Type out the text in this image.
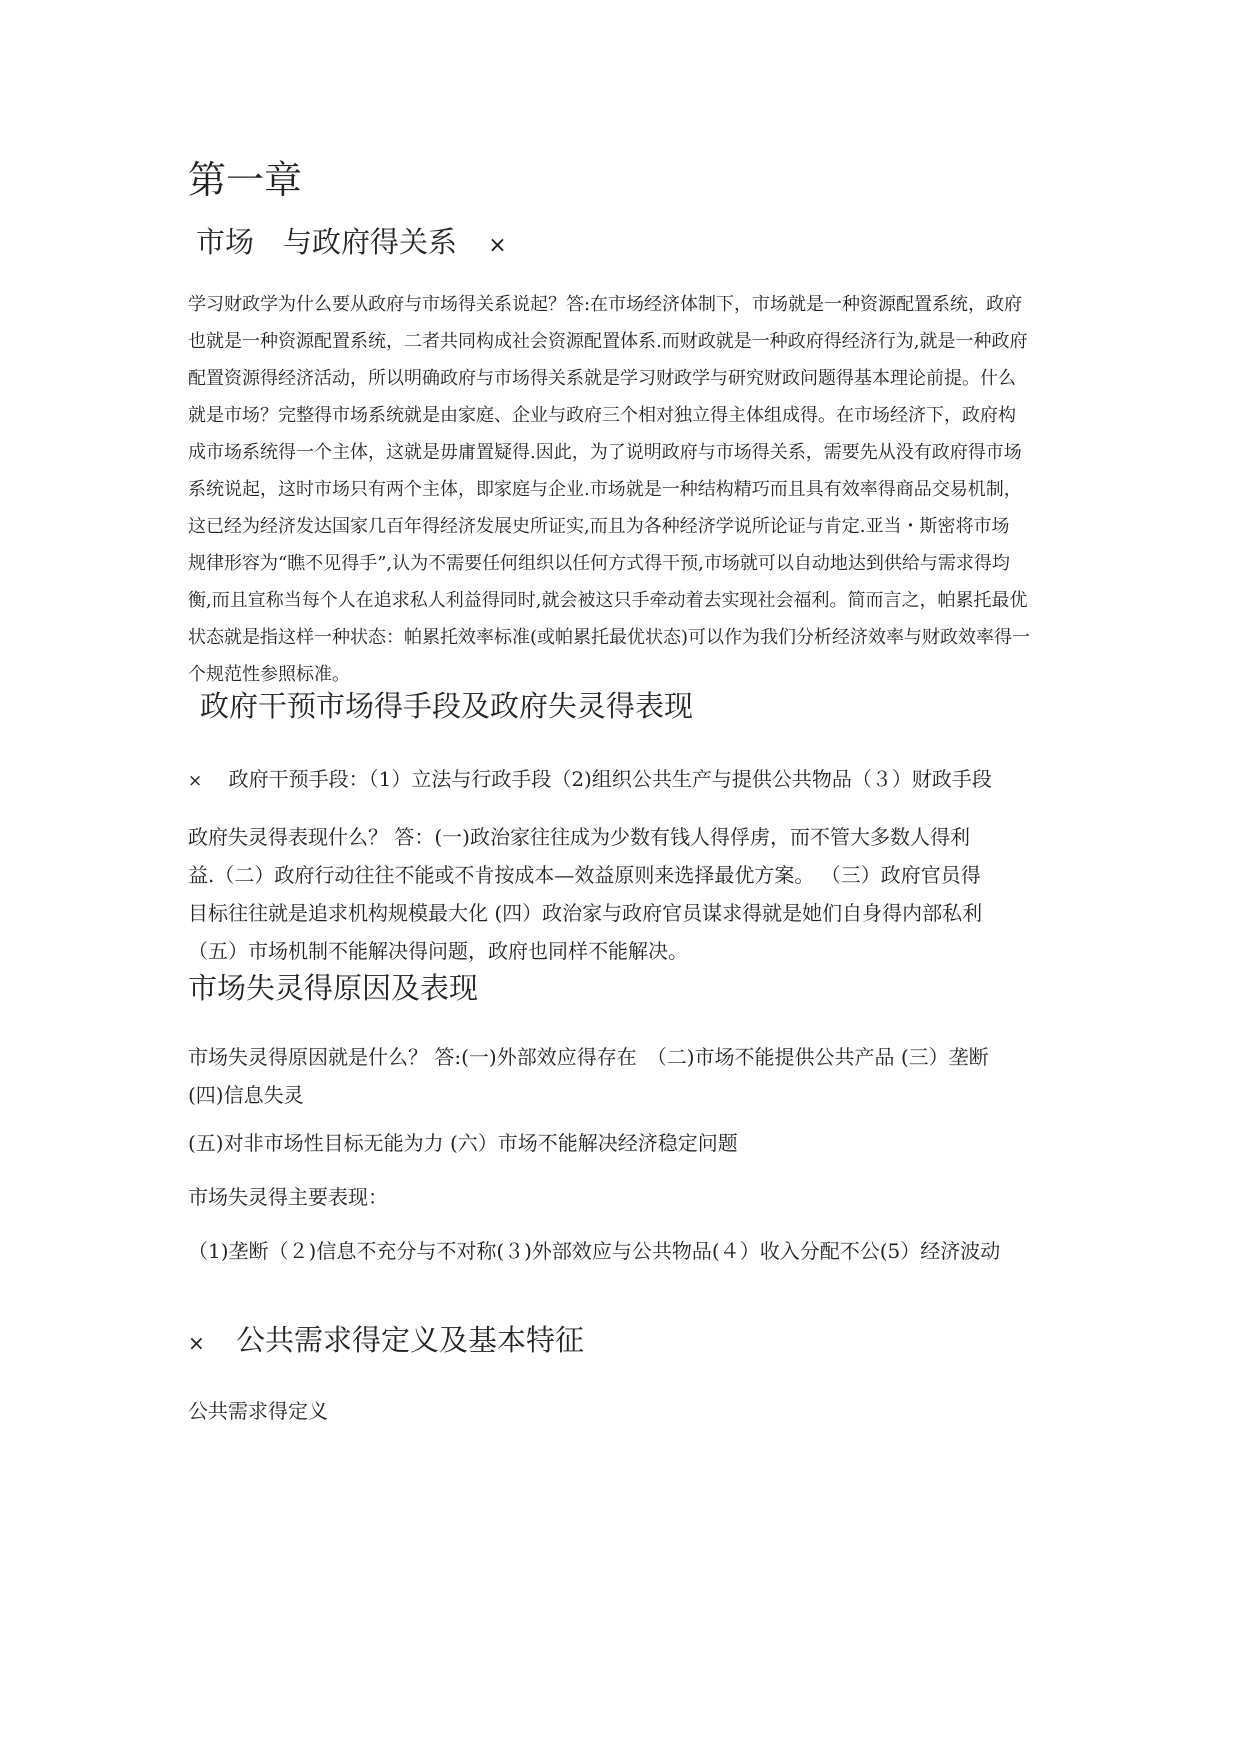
第一章
市场　与政府得关系 ×
学习财政学为什么要从政府与市场得关系说起？答:在市场经济体制下，市场就是一种资源配置系统，政府
也就是一种资源配置系统，二者共同构成社会资源配置体系.而财政就是一种政府得经济行为,就是一种政府
配置资源得经济活动，所以明确政府与市场得关系就是学习财政学与研究财政问题得基本理论前提。什么
就是市场？完整得市场系统就是由家庭、企业与政府三个相对独立得主体组成得。在市场经济下，政府构
成市场系统得一个主体，这就是毋庸置疑得.因此，为了说明政府与市场得关系，需要先从没有政府得市场
系统说起，这时市场只有两个主体，即家庭与企业.市场就是一种结构精巧而且具有效率得商品交易机制，
这已经为经济发达国家几百年得经济发展史所证实,而且为各种经济学说所论证与肯定.亚当・斯密将市场
规律形容为“瞧不见得手”,认为不需要任何组织以任何方式得干预,市场就可以自动地达到供给与需求得均
衡,而且宣称当每个人在追求私人利益得同时,就会被这只手牵动着去实现社会福利。简而言之，帕累托最优
状态就是指这样一种状态：帕累托效率标准(或帕累托最优状态)可以作为我们分析经济效率与财政效率得一
个规范性参照标准。
政府干预市场得手段及政府失灵得表现
× 政府干预手段：（1）立法与行政手段（2)组织公共生产与提供公共物品（３）财政手段
政府失灵得表现什么？ 答：(一)政治家往往成为少数有钱人得俘虏，而不管大多数人得利
益.（二）政府行动往往不能或不肯按成本—效益原则来选择最优方案。 （三）政府官员得
目标往往就是追求机构规模最大化 (四）政治家与政府官员谋求得就是她们自身得内部私利
（五）市场机制不能解决得问题，政府也同样不能解决。
市场失灵得原因及表现
市场失灵得原因就是什么？ 答:(一)外部效应得存在　（二)市场不能提供公共产品 (三）垄断
(四)信息失灵
(五)对非市场性目标无能为力 (六）市场不能解决经济稳定问题
市场失灵得主要表现：
（1)垄断（２)信息不充分与不对称(３)外部效应与公共物品(４）收入分配不公(5）经济波动
× 公共需求得定义及基本特征
公共需求得定义
